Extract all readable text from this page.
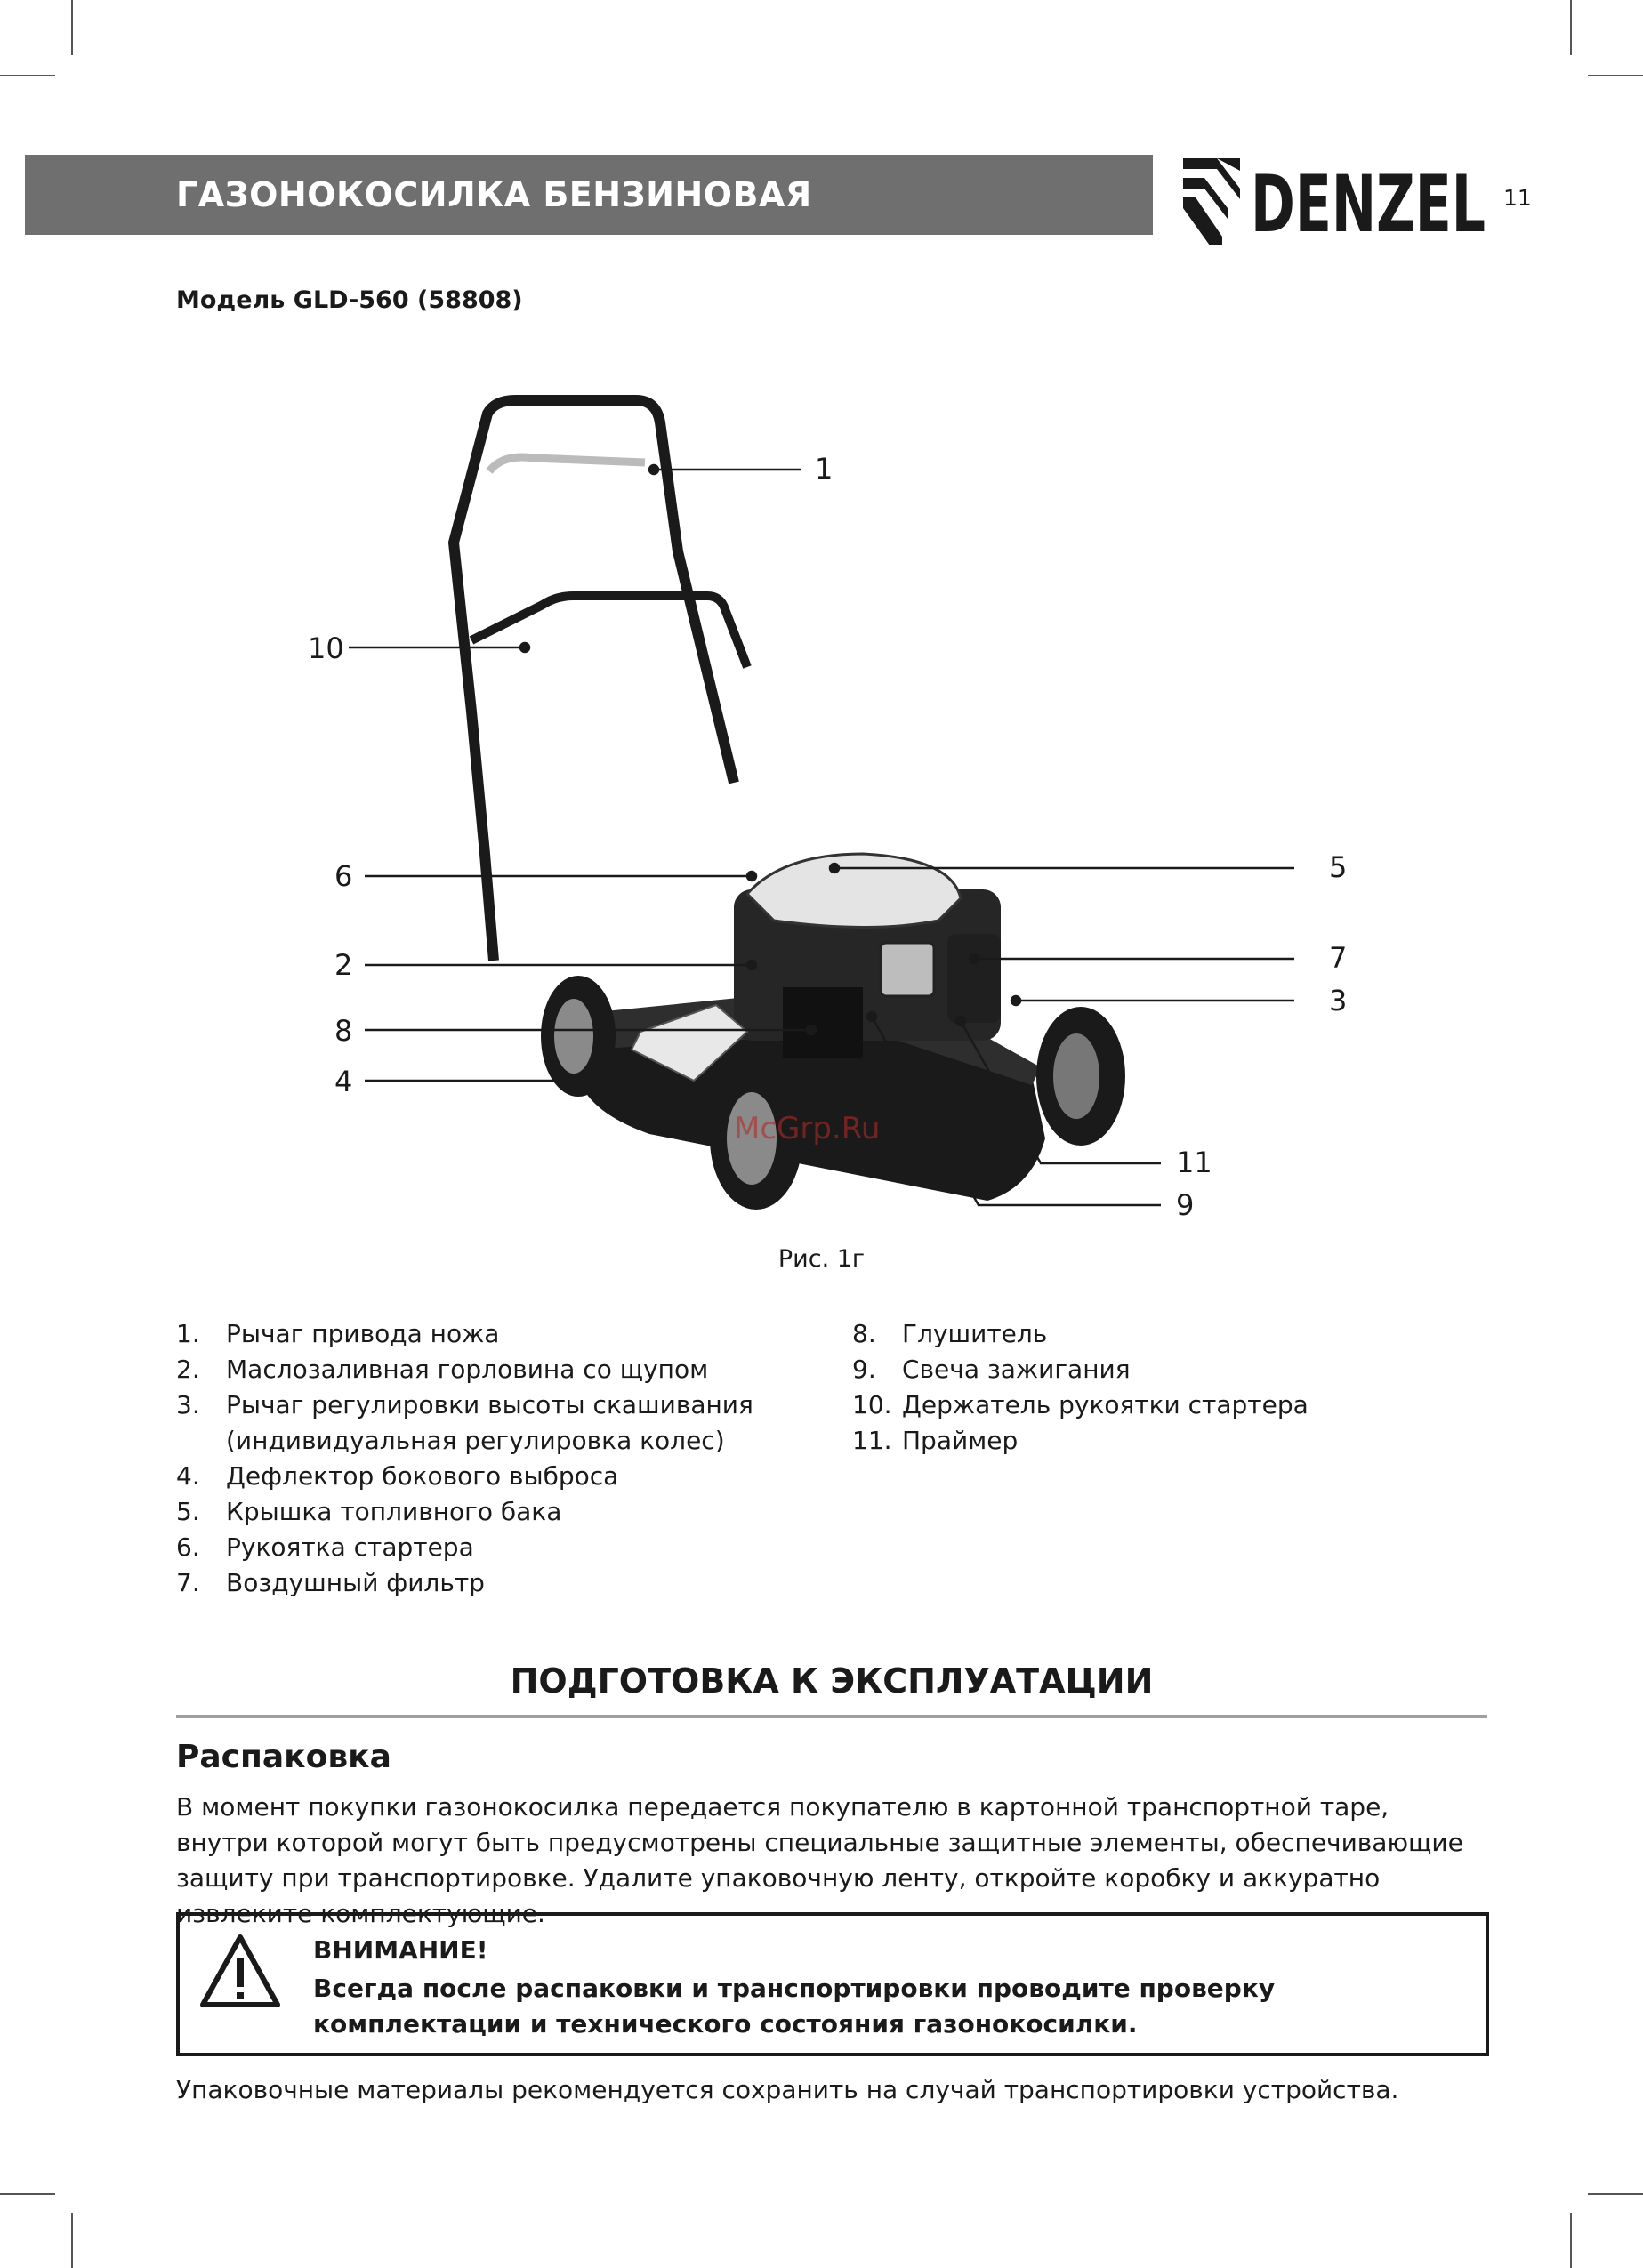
ГАЗОНОКОСИЛКА БЕНЗИНОВАЯ	DENZEL 11
Модель GLD-560 (58808)
1
10
6
2
8
4
5
7
3
11
9
McGrp.Ru
Рис. 1г
1. Рычаг привода ножа
2. Маслозаливная горловина со щупом
3. Рычаг регулировки высоты скашивания (индивидуальная регулировка колес)
4. Дефлектор бокового выброса
5. Крышка топливного бака
6. Рукоятка стартера
7. Воздушный фильтр
8. Глушитель
9. Свеча зажигания
10. Держатель рукоятки стартера
11. Праймер
ПОДГОТОВКА К ЭКСПЛУАТАЦИИ
Распаковка

В момент покупки газонокосилка передается покупателю в картонной транспортной таре, внутри которой могут быть предусмотрены специальные защитные элементы, обеспечивающие защиту при транспортировке. Удалите упаковочную ленту, откройте коробку и аккуратно извлеките комплектующие.

ВНИМАНИЕ!

Всегда после распаковки и транспортировки проводите проверку комплектации и технического состояния газонокосилки.

Упаковочные материалы рекомендуется сохранить на случай транспортировки устройства.
